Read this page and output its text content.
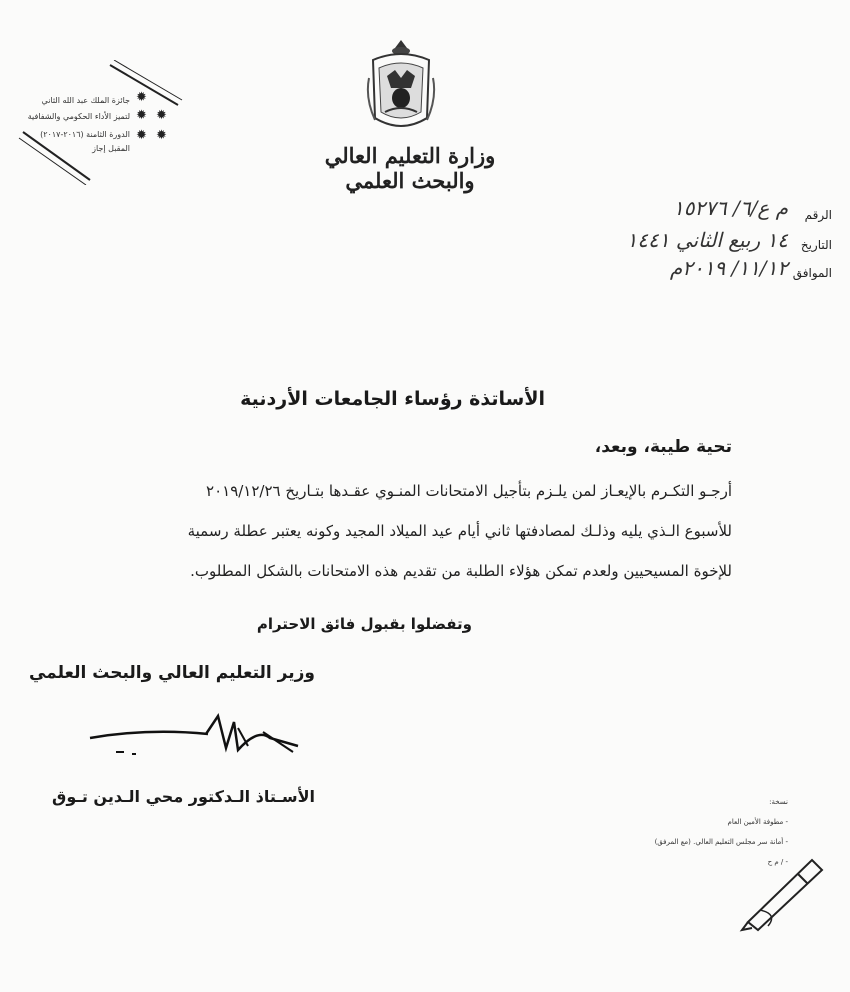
وزارة التعليم العالي والبحث العلمي
جائزة الملك عبد الله الثاني
لتميز الأداء الحكومي والشفافية
الدورة الثامنة (٢٠١٦-٢٠١٧)
المقبل إجاز
✹
✹ ✹
✹ ✹
الرقم
م ع/٦/ ١٥٢٧٦
التاريخ
١٤ ربيع الثاني ١٤٤١
الموافق
١١/١٢/ ٢٠١٩م
الأساتذة رؤساء الجامعات الأردنية
تحية طيبة، وبعد،
أرجـو التكـرم بالإيعـاز لمن يلـزم بتأجيل الامتحانات المنـوي عقـدها بتـاريخ ٢٠١٩/١٢/٢٦
للأسبوع الـذي يليه وذلـك لمصادفتها ثاني أيام عيد الميلاد المجيد وكونه يعتبر عطلة رسمية
للإخوة المسيحيين ولعدم تمكن هؤلاء الطلبة من تقديم هذه الامتحانات بالشكل المطلوب.
وتفضلوا بقبول فائق الاحترام
وزير التعليم العالي والبحث العلمي
الأسـتاذ الـدكتور محي الـدين تـوق	نسخة:
- مطوفة الأمين العام
- أمانة سر مجلس التعليم العالي. (مع المرفق)
- / م ح
